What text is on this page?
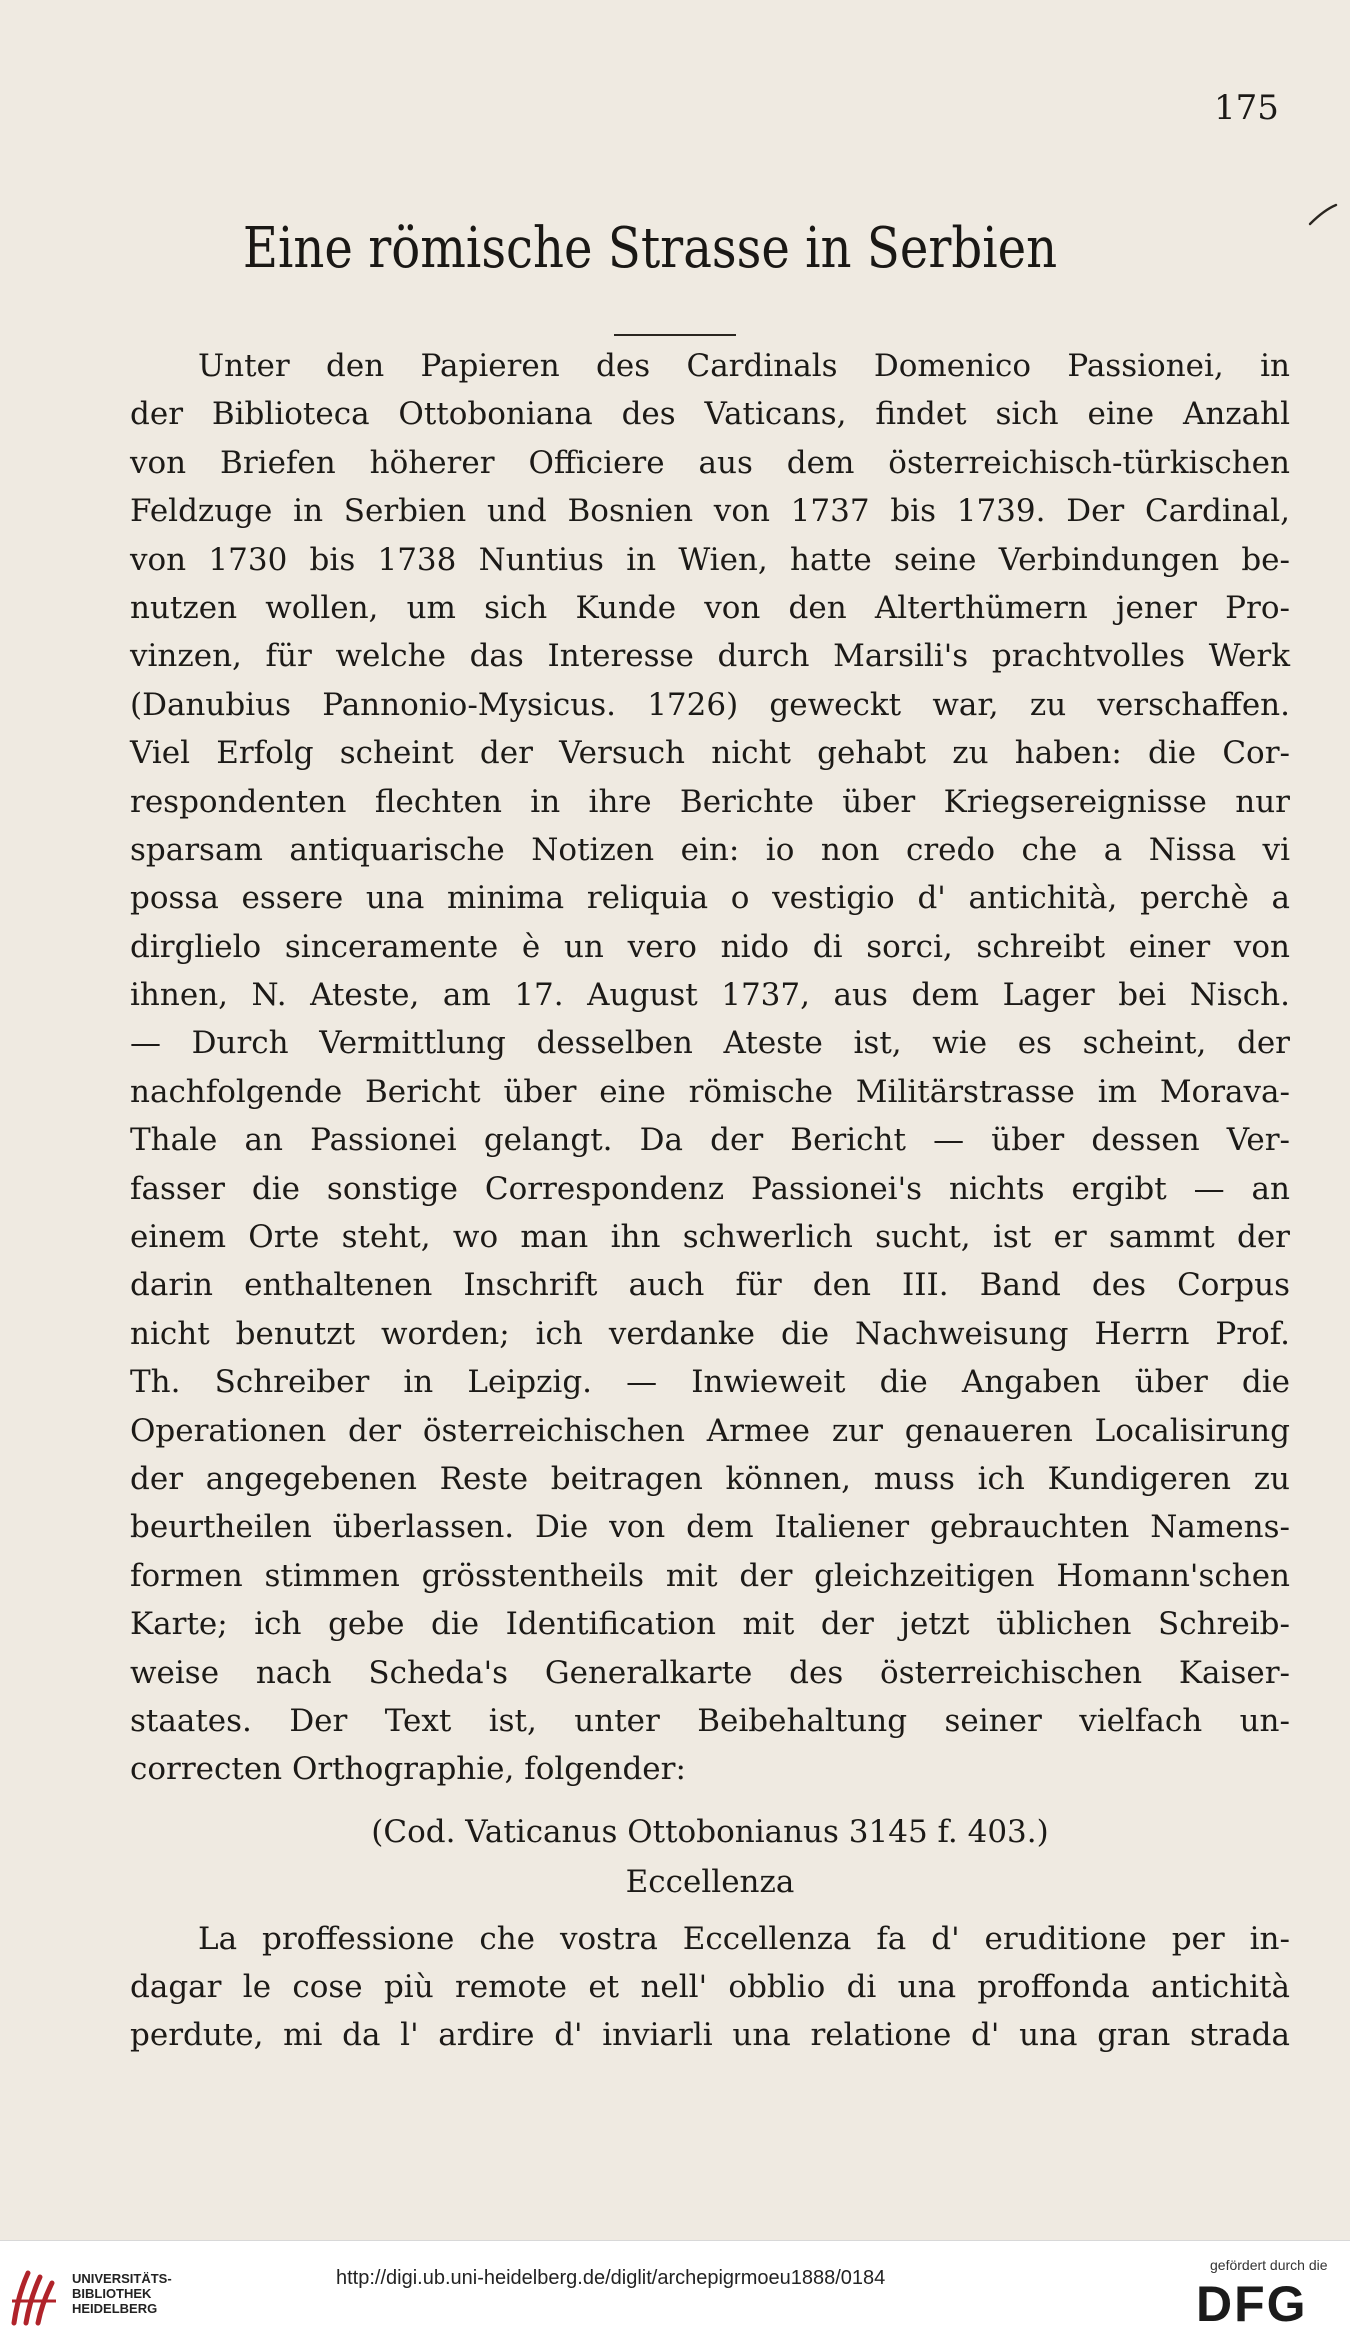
175
Eine römische Strasse in Serbien
Unter den Papieren des Cardinals Domenico Passionei, in
der Biblioteca Ottoboniana des Vaticans, findet sich eine Anzahl
von Briefen höherer Officiere aus dem österreichisch-türkischen
Feldzuge in Serbien und Bosnien von 1737 bis 1739. Der Cardinal,
von 1730 bis 1738 Nuntius in Wien, hatte seine Verbindungen be-
nutzen wollen, um sich Kunde von den Alterthümern jener Pro-
vinzen, für welche das Interesse durch Marsili's prachtvolles Werk
(Danubius Pannonio-Mysicus. 1726) geweckt war, zu verschaffen.
Viel Erfolg scheint der Versuch nicht gehabt zu haben: die Cor-
respondenten flechten in ihre Berichte über Kriegsereignisse nur
sparsam antiquarische Notizen ein: io non credo che a Nissa vi
possa essere una minima reliquia o vestigio d' antichità, perchè a
dirglielo sinceramente è un vero nido di sorci, schreibt einer von
ihnen, N. Ateste, am 17. August 1737, aus dem Lager bei Nisch.
— Durch Vermittlung desselben Ateste ist, wie es scheint, der
nachfolgende Bericht über eine römische Militärstrasse im Morava-
Thale an Passionei gelangt. Da der Bericht — über dessen Ver-
fasser die sonstige Correspondenz Passionei's nichts ergibt — an
einem Orte steht, wo man ihn schwerlich sucht, ist er sammt der
darin enthaltenen Inschrift auch für den III. Band des Corpus
nicht benutzt worden; ich verdanke die Nachweisung Herrn Prof.
Th. Schreiber in Leipzig. — Inwieweit die Angaben über die
Operationen der österreichischen Armee zur genaueren Localisirung
der angegebenen Reste beitragen können, muss ich Kundigeren zu
beurtheilen überlassen. Die von dem Italiener gebrauchten Namens-
formen stimmen grösstentheils mit der gleichzeitigen Homann'schen
Karte; ich gebe die Identification mit der jetzt üblichen Schreib-
weise nach Scheda's Generalkarte des österreichischen Kaiser-
staates. Der Text ist, unter Beibehaltung seiner vielfach un-
correcten Orthographie, folgender:
(Cod. Vaticanus Ottobonianus 3145 f. 403.)
Eccellenza
La proffessione che vostra Eccellenza fa d' eruditione per in-
dagar le cose più remote et nell' obblio di una proffonda antichità
perdute, mi da l' ardire d' inviarli una relatione d' una gran strada
UNIVERSITÄTS-
BIBLIOTHEK
HEIDELBERG
http://digi.ub.uni-heidelberg.de/diglit/archepigrmoeu1888/0184
gefördert durch die
DFG
